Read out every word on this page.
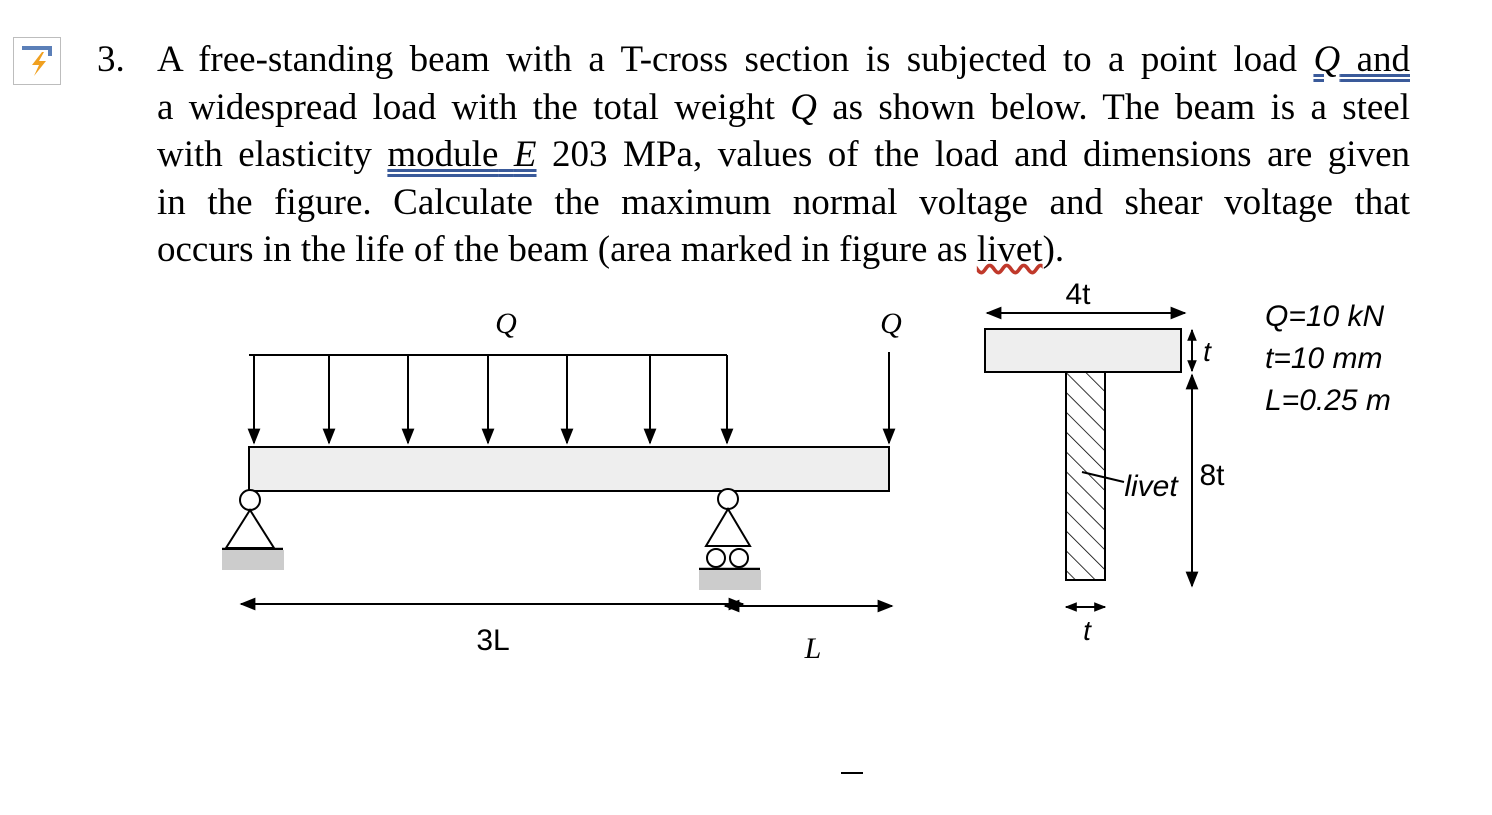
3. A free-standing beam with a T-cross section is subjected to a point load Q and
a widespread load with the total weight Q as shown below. The beam is a steel
with elasticity module E 203 MPa, values of the load and dimensions are given
in the figure. Calculate the maximum normal voltage and shear voltage that
occurs in the life of the beam (area marked in figure as livet).
Q	Q
3L	L
4t
t
8t
livet
t
Q=10 kN
t=10 mm
L=0.25 m
